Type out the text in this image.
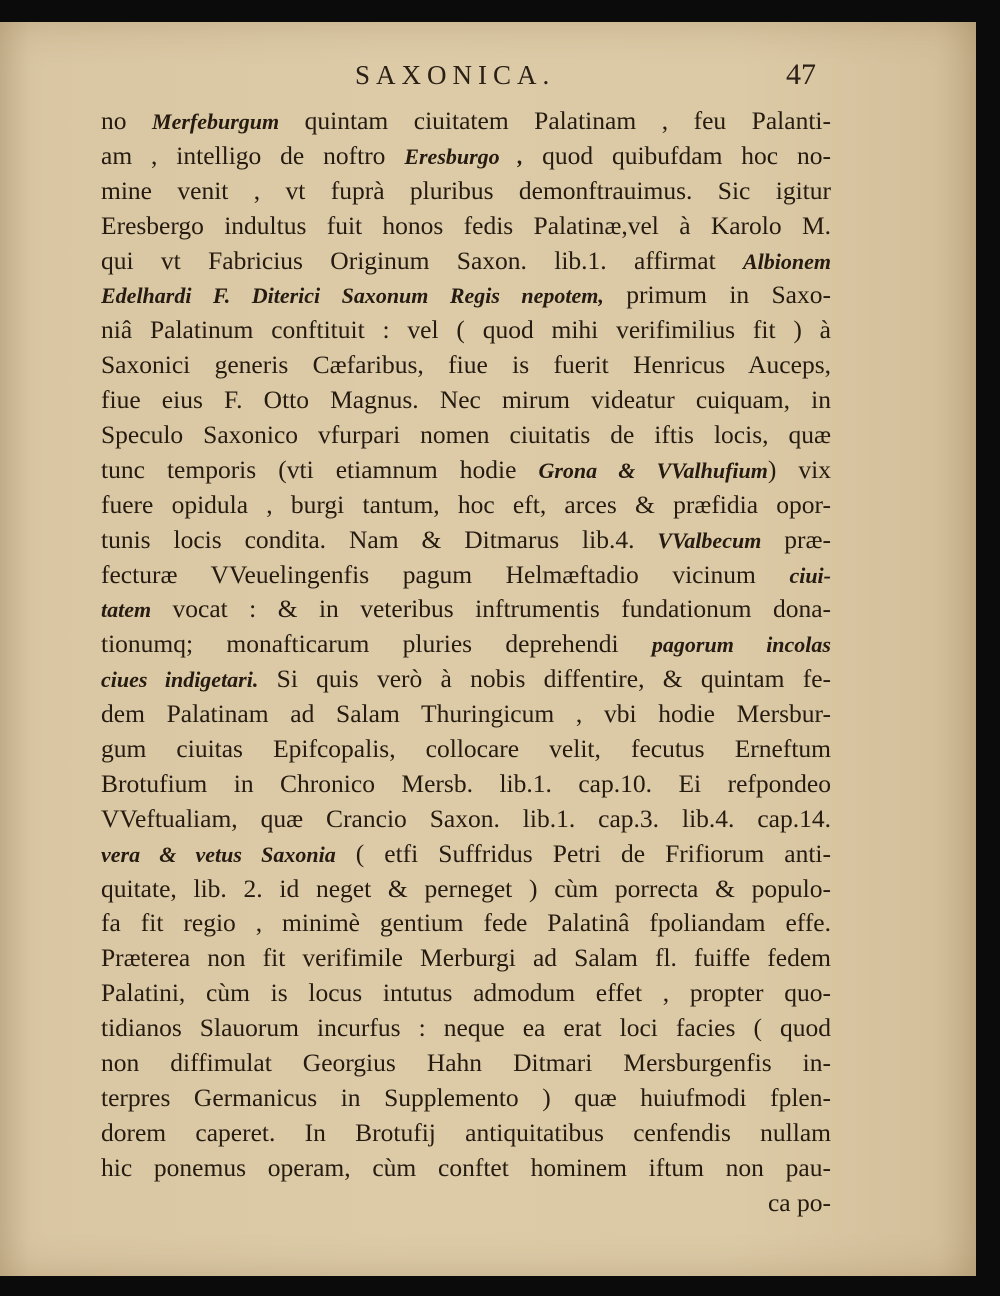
SAXONICA.	47
no Merfeburgum quintam ciuitatem Palatinam , feu Palanti-
am , intelligo de noftro Eresburgo , quod quibufdam hoc no-
mine venit , vt fuprà pluribus demonftrauimus. Sic igitur
Eresbergo indultus fuit honos fedis Palatinæ,vel à Karolo M.
qui vt Fabricius Originum Saxon. lib.1. affirmat Albionem
Edelhardi F. Diterici Saxonum Regis nepotem, primum in Saxo-
niâ Palatinum conftituit : vel ( quod mihi verifimilius fit ) à
Saxonici generis Cæfaribus, fiue is fuerit Henricus Auceps,
fiue eius F. Otto Magnus. Nec mirum videatur cuiquam, in
Speculo Saxonico vfurpari nomen ciuitatis de iftis locis, quæ
tunc temporis (vti etiamnum hodie Grona & VValhufium) vix
fuere opidula , burgi tantum, hoc eft, arces & præfidia opor-
tunis locis condita. Nam & Ditmarus lib.4. VValbecum præ-
fecturæ VVeuelingenfis pagum Helmæftadio vicinum ciui-
tatem vocat : & in veteribus inftrumentis fundationum dona-
tionumq; monafticarum pluries deprehendi pagorum incolas
ciues indigetari. Si quis verò à nobis diffentire, & quintam fe-
dem Palatinam ad Salam Thuringicum , vbi hodie Mersbur-
gum ciuitas Epifcopalis, collocare velit, fecutus Erneftum
Brotufium in Chronico Mersb. lib.1. cap.10. Ei refpondeo
VVeftualiam, quæ Crancio Saxon. lib.1. cap.3. lib.4. cap.14.
vera & vetus Saxonia ( etfi Suffridus Petri de Frifiorum anti-
quitate, lib. 2. id neget & perneget ) cùm porrecta & populo-
fa fit regio , minimè gentium fede Palatinâ fpoliandam effe.
Præterea non fit verifimile Merburgi ad Salam fl. fuiffe fedem
Palatini, cùm is locus intutus admodum effet , propter quo-
tidianos Slauorum incurfus : neque ea erat loci facies ( quod
non diffimulat Georgius Hahn Ditmari Mersburgenfis in-
terpres Germanicus in Supplemento ) quæ huiufmodi fplen-
dorem caperet. In Brotufij antiquitatibus cenfendis nullam
hic ponemus operam, cùm conftet hominem iftum non pau-
ca po-
